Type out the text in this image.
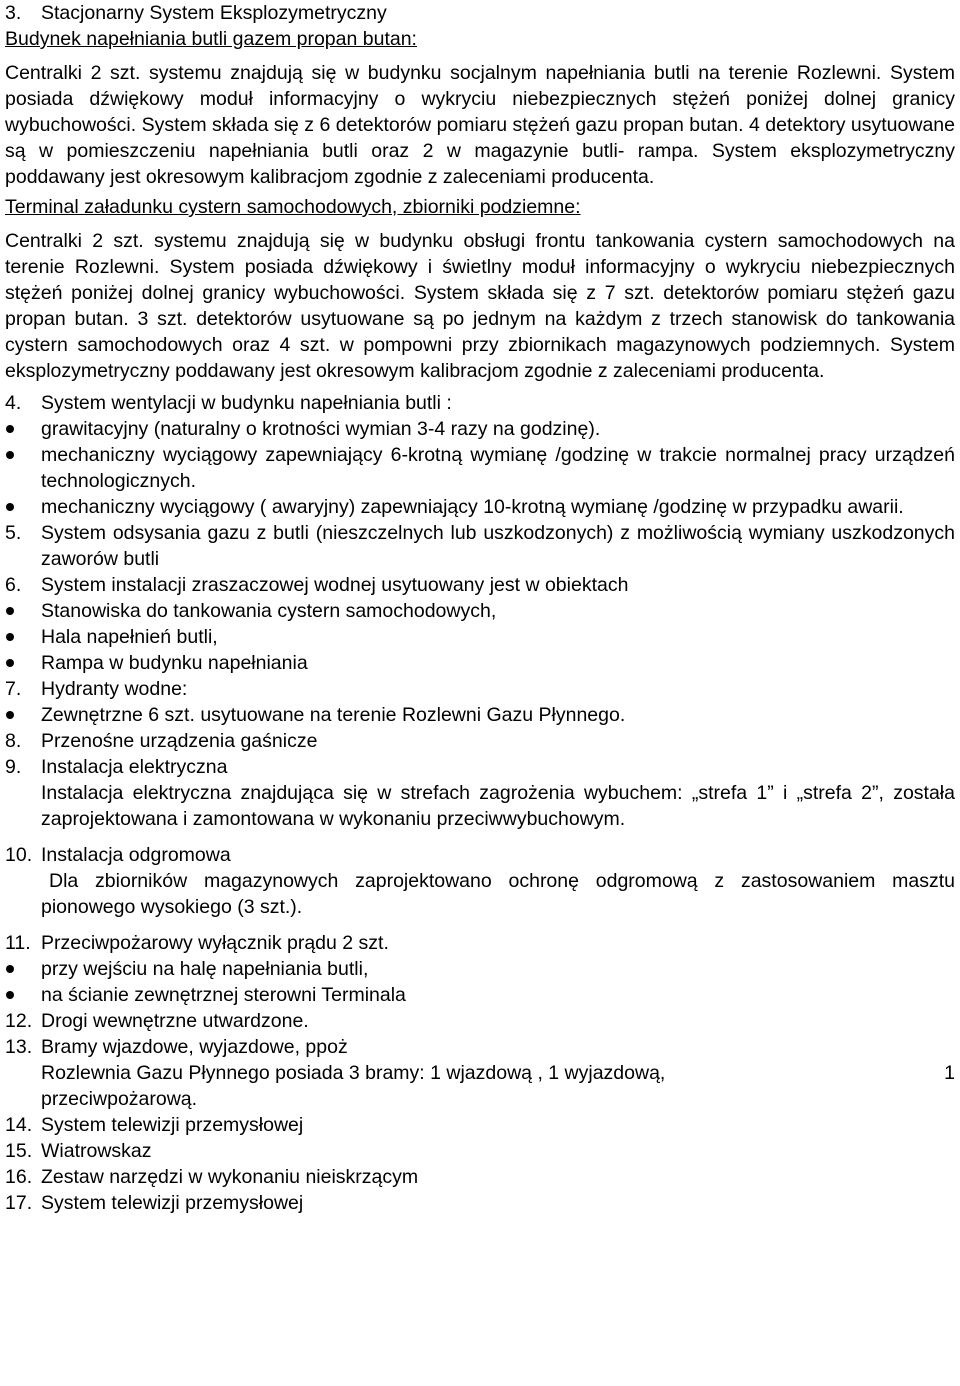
3. Stacjonarny System Eksplozymetryczny
Budynek napełniania butli gazem propan butan:

Centralki 2 szt. systemu znajdują się w budynku socjalnym napełniania butli na terenie Rozlewni. System posiada dźwiękowy moduł informacyjny o wykryciu niebezpiecznych stężeń poniżej dolnej granicy wybuchowości. System składa się z 6 detektorów pomiaru stężeń gazu propan butan. 4 detektory usytuowane są w pomieszczeniu napełniania butli oraz 2 w magazynie butli- rampa. System eksplozymetryczny poddawany jest okresowym kalibracjom zgodnie z zaleceniami producenta.

Terminal załadunku cystern samochodowych, zbiorniki podziemne:

Centralki 2 szt. systemu znajdują się w budynku obsługi frontu tankowania cystern samochodowych na terenie Rozlewni. System posiada dźwiękowy i świetlny moduł informacyjny o wykryciu niebezpiecznych stężeń poniżej dolnej granicy wybuchowości. System składa się z 7 szt. detektorów pomiaru stężeń gazu propan butan. 3 szt. detektorów usytuowane są po jednym na każdym z trzech stanowisk do tankowania cystern samochodowych oraz 4 szt. w pompowni przy zbiornikach magazynowych podziemnych. System eksplozymetryczny poddawany jest okresowym kalibracjom zgodnie z zaleceniami producenta.

4. System wentylacji w budynku napełniania butli :
grawitacyjny (naturalny o krotności wymian 3-4 razy na godzinę).
mechaniczny wyciągowy zapewniający 6-krotną wymianę /godzinę w trakcie normalnej pracy urządzeń technologicznych.
mechaniczny wyciągowy ( awaryjny) zapewniający 10-krotną wymianę /godzinę w przypadku awarii.
5. System odsysania gazu z butli (nieszczelnych lub uszkodzonych) z możliwością wymiany uszkodzonych zaworów butli
6. System instalacji zraszaczowej wodnej usytuowany jest w obiektach
Stanowiska do tankowania cystern samochodowych,
Hala napełnień butli,
Rampa w budynku napełniania
7. Hydranty wodne:
Zewnętrzne 6 szt. usytuowane na terenie Rozlewni Gazu Płynnego.
8. Przenośne urządzenia gaśnicze
9. Instalacja elektryczna

Instalacja elektryczna znajdująca się w strefach zagrożenia wybuchem: „strefa 1” i „strefa 2”, została zaprojektowana i zamontowana w wykonaniu przeciwwybuchowym.

10. Instalacja odgromowa

Dla zbiorników magazynowych zaprojektowano ochronę odgromową z zastosowaniem masztu pionowego wysokiego (3 szt.).

11. Przeciwpożarowy wyłącznik prądu 2 szt.
przy wejściu na halę napełniania butli,
na ścianie zewnętrznej sterowni Terminala
12. Drogi wewnętrzne utwardzone.
13. Bramy wjazdowe, wyjazdowe, ppoż
Rozlewnia Gazu Płynnego posiada 3 bramy: 1 wjazdową , 1 wyjazdową,	1
przeciwpożarową.
14. System telewizji przemysłowej
15. Wiatrowskaz
16. Zestaw narzędzi w wykonaniu nieiskrzącym
17. System telewizji przemysłowej
